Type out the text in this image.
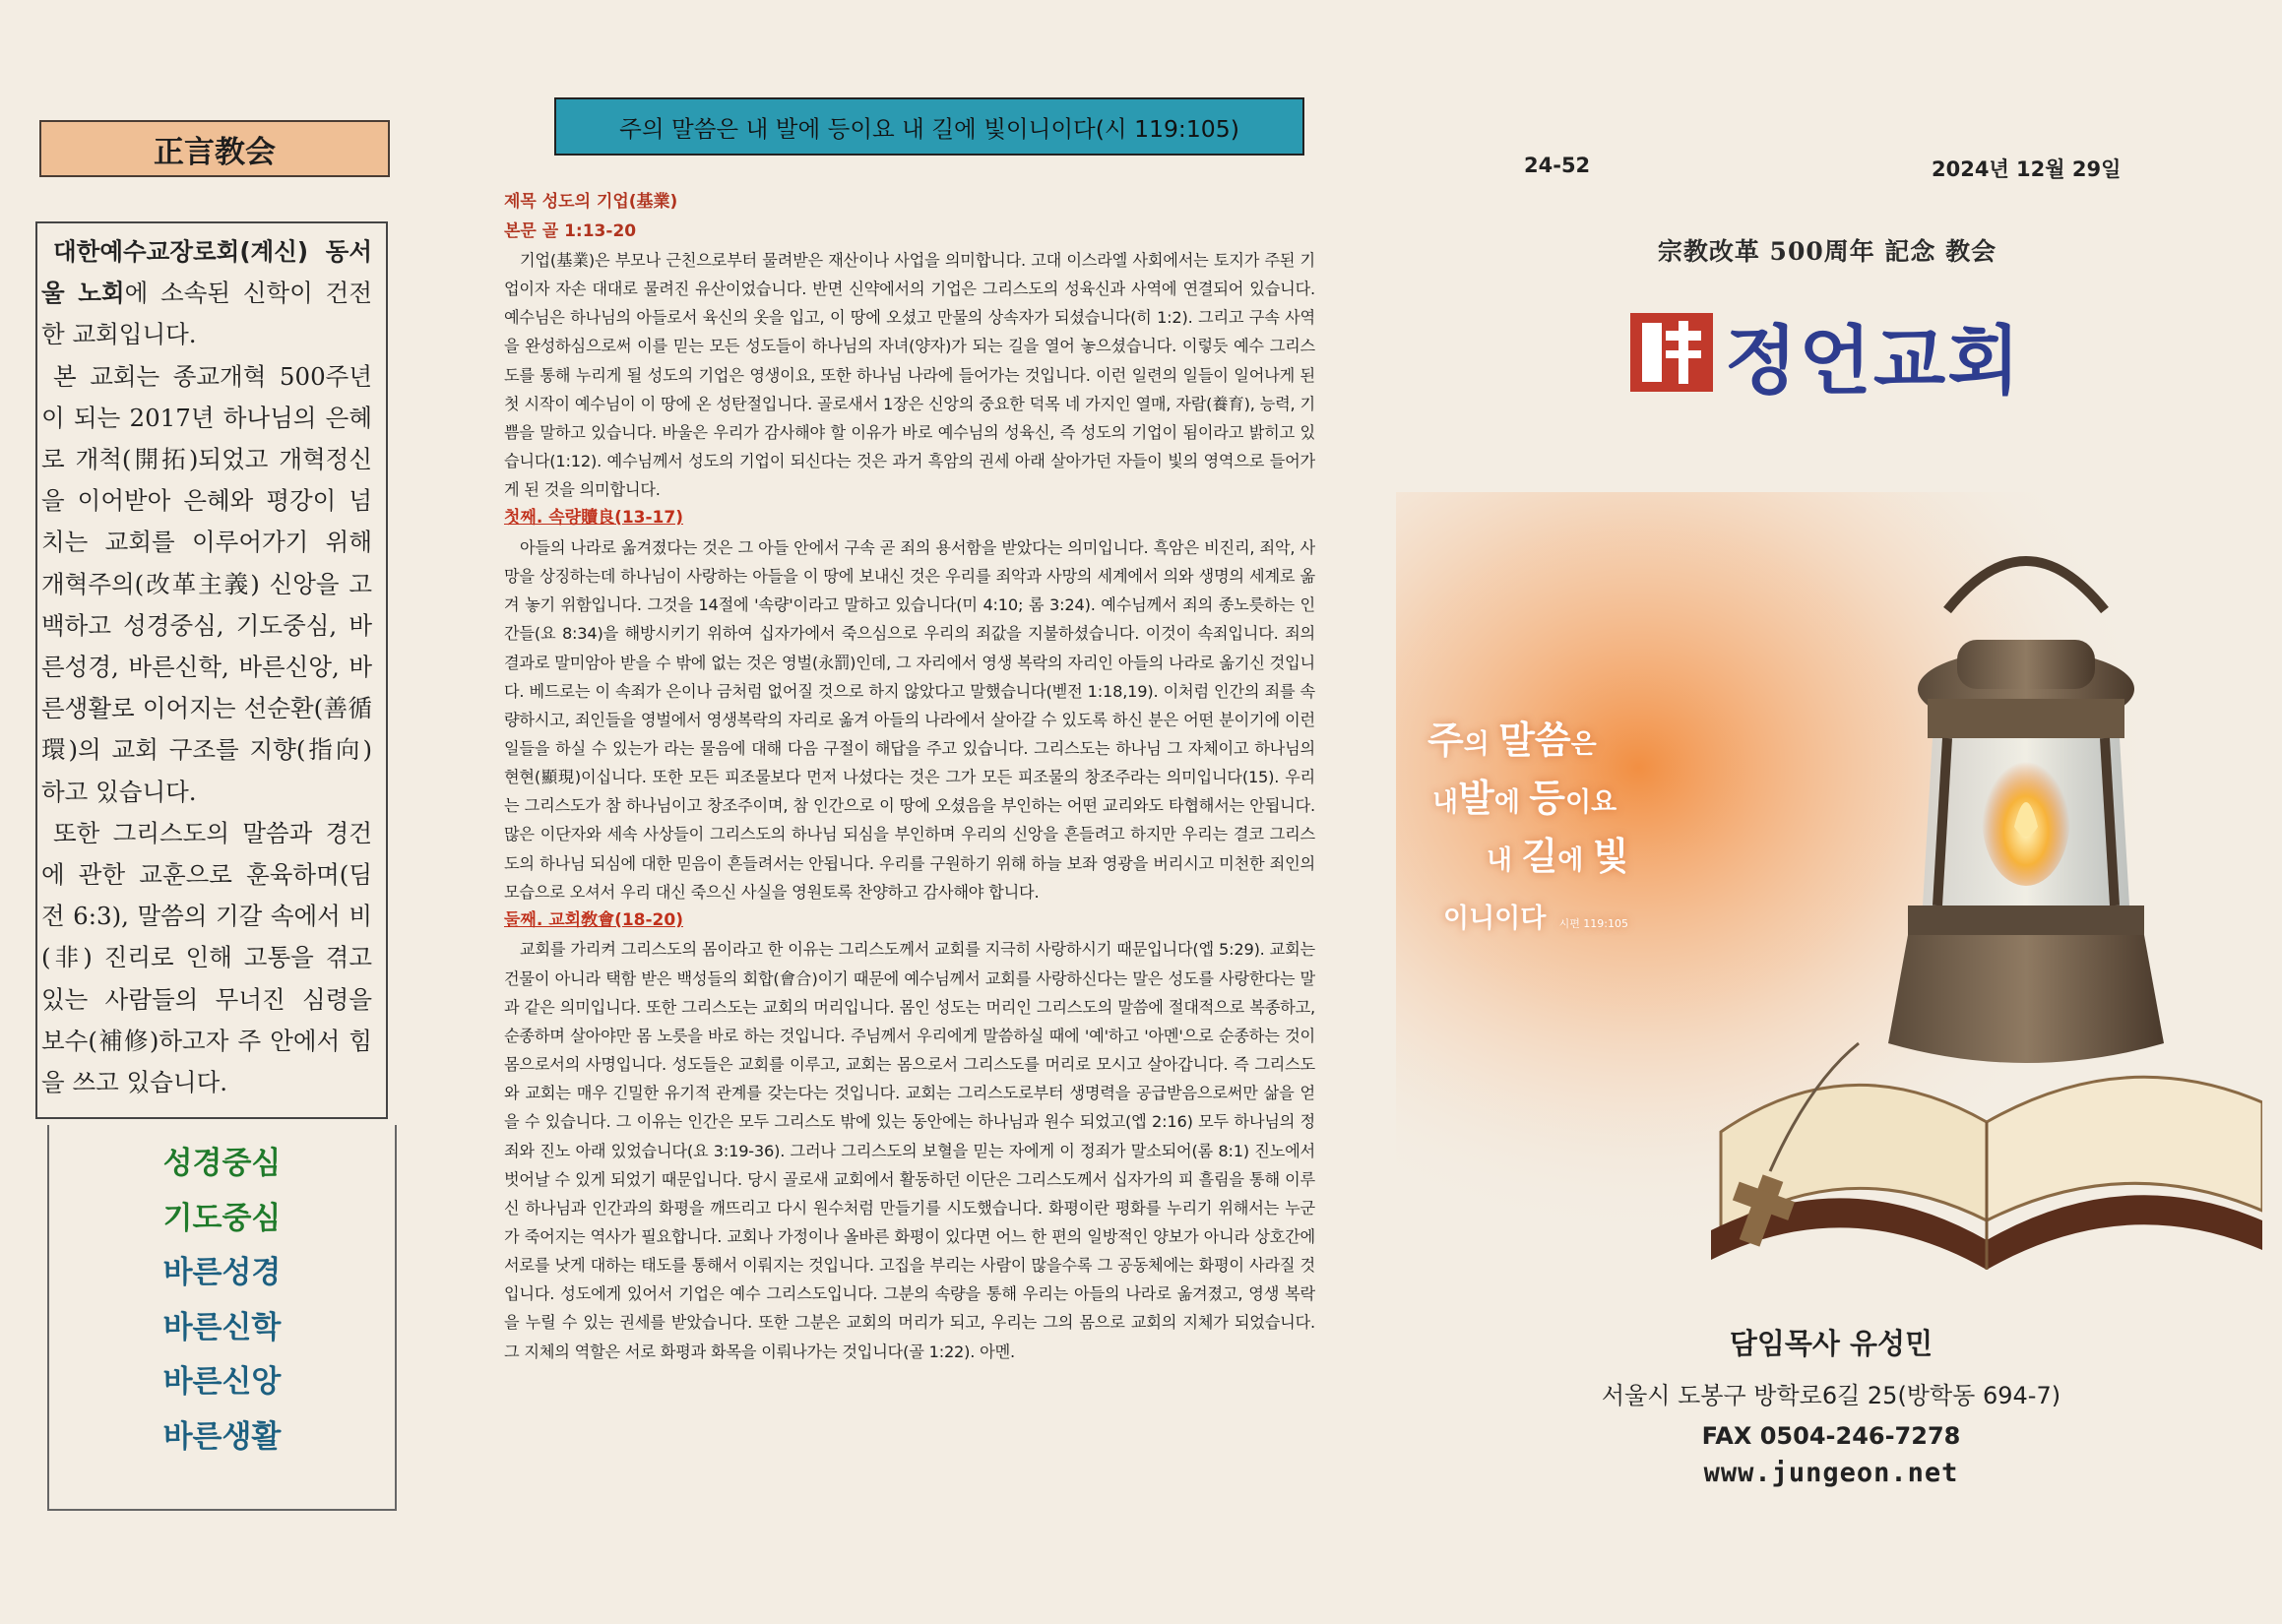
正言教会

대한예수교장로회(계신) 동서울 노회에 소속된 신학이 건전한 교회입니다.

본 교회는 종교개혁 500주년이 되는 2017년 하나님의 은혜로 개척(開拓)되었고 개혁정신을 이어받아 은혜와 평강이 넘치는 교회를 이루어가기 위해 개혁주의(改革主義) 신앙을 고백하고 성경중심, 기도중심, 바른성경, 바른신학, 바른신앙, 바른생활로 이어지는 선순환(善循環)의 교회 구조를 지향(指向)하고 있습니다.

또한 그리스도의 말씀과 경건에 관한 교훈으로 훈육하며(딤전 6:3), 말씀의 기갈 속에서 비(非) 진리로 인해 고통을 겪고 있는 사람들의 무너진 심령을 보수(補修)하고자 주 안에서 힘을 쓰고 있습니다.

성경중심
기도중심
바른성경
바른신학
바른신앙
바른생활
주의 말씀은 내 발에 등이요 내 길에 빛이니이다(시 119:105)
제목 성도의 기업(基業)
본문 골 1:13-20

기업(基業)은 부모나 근친으로부터 물려받은 재산이나 사업을 의미합니다. 고대 이스라엘 사회에서는 토지가 주된 기업이자 자손 대대로 물려진 유산이었습니다. 반면 신약에서의 기업은 그리스도의 성육신과 사역에 연결되어 있습니다. 예수님은 하나님의 아들로서 육신의 옷을 입고, 이 땅에 오셨고 만물의 상속자가 되셨습니다(히 1:2). 그리고 구속 사역을 완성하심으로써 이를 믿는 모든 성도들이 하나님의 자녀(양자)가 되는 길을 열어 놓으셨습니다. 이렇듯 예수 그리스도를 통해 누리게 될 성도의 기업은 영생이요, 또한 하나님 나라에 들어가는 것입니다. 이런 일련의 일들이 일어나게 된 첫 시작이 예수님이 이 땅에 온 성탄절입니다. 골로새서 1장은 신앙의 중요한 덕목 네 가지인 열매, 자람(養育), 능력, 기쁨을 말하고 있습니다. 바울은 우리가 감사해야 할 이유가 바로 예수님의 성육신, 즉 성도의 기업이 됨이라고 밝히고 있습니다(1:12). 예수님께서 성도의 기업이 되신다는 것은 과거 흑암의 권세 아래 살아가던 자들이 빛의 영역으로 들어가게 된 것을 의미합니다.

첫째. 속량贖良(13-17)

아들의 나라로 옮겨졌다는 것은 그 아들 안에서 구속 곧 죄의 용서함을 받았다는 의미입니다. 흑암은 비진리, 죄악, 사망을 상징하는데 하나님이 사랑하는 아들을 이 땅에 보내신 것은 우리를 죄악과 사망의 세계에서 의와 생명의 세계로 옮겨 놓기 위함입니다. 그것을 14절에 '속량'이라고 말하고 있습니다(미 4:10; 롬 3:24). 예수님께서 죄의 종노릇하는 인간들(요 8:34)을 해방시키기 위하여 십자가에서 죽으심으로 우리의 죄값을 지불하셨습니다. 이것이 속죄입니다. 죄의 결과로 말미암아 받을 수 밖에 없는 것은 영벌(永罰)인데, 그 자리에서 영생 복락의 자리인 아들의 나라로 옮기신 것입니다. 베드로는 이 속죄가 은이나 금처럼 없어질 것으로 하지 않았다고 말했습니다(벧전 1:18,19). 이처럼 인간의 죄를 속량하시고, 죄인들을 영벌에서 영생복락의 자리로 옮겨 아들의 나라에서 살아갈 수 있도록 하신 분은 어떤 분이기에 이런 일들을 하실 수 있는가 라는 물음에 대해 다음 구절이 해답을 주고 있습니다. 그리스도는 하나님 그 자체이고 하나님의 현현(顯現)이십니다. 또한 모든 피조물보다 먼저 나셨다는 것은 그가 모든 피조물의 창조주라는 의미입니다(15). 우리는 그리스도가 참 하나님이고 창조주이며, 참 인간으로 이 땅에 오셨음을 부인하는 어떤 교리와도 타협해서는 안됩니다. 많은 이단자와 세속 사상들이 그리스도의 하나님 되심을 부인하며 우리의 신앙을 흔들려고 하지만 우리는 결코 그리스도의 하나님 되심에 대한 믿음이 흔들려서는 안됩니다. 우리를 구원하기 위해 하늘 보좌 영광을 버리시고 미천한 죄인의 모습으로 오셔서 우리 대신 죽으신 사실을 영원토록 찬양하고 감사해야 합니다.

둘째. 교회敎會(18-20)

교회를 가리켜 그리스도의 몸이라고 한 이유는 그리스도께서 교회를 지극히 사랑하시기 때문입니다(엡 5:29). 교회는 건물이 아니라 택함 받은 백성들의 회합(會合)이기 때문에 예수님께서 교회를 사랑하신다는 말은 성도를 사랑한다는 말과 같은 의미입니다. 또한 그리스도는 교회의 머리입니다. 몸인 성도는 머리인 그리스도의 말씀에 절대적으로 복종하고, 순종하며 살아야만 몸 노릇을 바로 하는 것입니다. 주님께서 우리에게 말씀하실 때에 '예'하고 '아멘'으로 순종하는 것이 몸으로서의 사명입니다. 성도들은 교회를 이루고, 교회는 몸으로서 그리스도를 머리로 모시고 살아갑니다. 즉 그리스도와 교회는 매우 긴밀한 유기적 관계를 갖는다는 것입니다. 교회는 그리스도로부터 생명력을 공급받음으로써만 삶을 얻을 수 있습니다. 그 이유는 인간은 모두 그리스도 밖에 있는 동안에는 하나님과 원수 되었고(엡 2:16) 모두 하나님의 정죄와 진노 아래 있었습니다(요 3:19-36). 그러나 그리스도의 보혈을 믿는 자에게 이 정죄가 말소되어(롬 8:1) 진노에서 벗어날 수 있게 되었기 때문입니다. 당시 골로새 교회에서 활동하던 이단은 그리스도께서 십자가의 피 흘림을 통해 이루신 하나님과 인간과의 화평을 깨뜨리고 다시 원수처럼 만들기를 시도했습니다. 화평이란 평화를 누리기 위해서는 누군가 죽어지는 역사가 필요합니다. 교회나 가정이나 올바른 화평이 있다면 어느 한 편의 일방적인 양보가 아니라 상호간에 서로를 낫게 대하는 태도를 통해서 이뤄지는 것입니다. 고집을 부리는 사람이 많을수록 그 공동체에는 화평이 사라질 것입니다. 성도에게 있어서 기업은 예수 그리스도입니다. 그분의 속량을 통해 우리는 아들의 나라로 옮겨졌고, 영생 복락을 누릴 수 있는 권세를 받았습니다. 또한 그분은 교회의 머리가 되고, 우리는 그의 몸으로 교회의 지체가 되었습니다. 그 지체의 역할은 서로 화평과 화목을 이뤄나가는 것입니다(골 1:22). 아멘.

24-52	2024년 12월 29일
宗教改革 500周年 記念 教会
정언교회
주의 말씀은
내발에 등이요
내 길에 빛
이니이다 시편 119:105
담임목사 유성민
서울시 도봉구 방학로6길 25(방학동 694-7)
FAX 0504-246-7278
www.jungeon.net
